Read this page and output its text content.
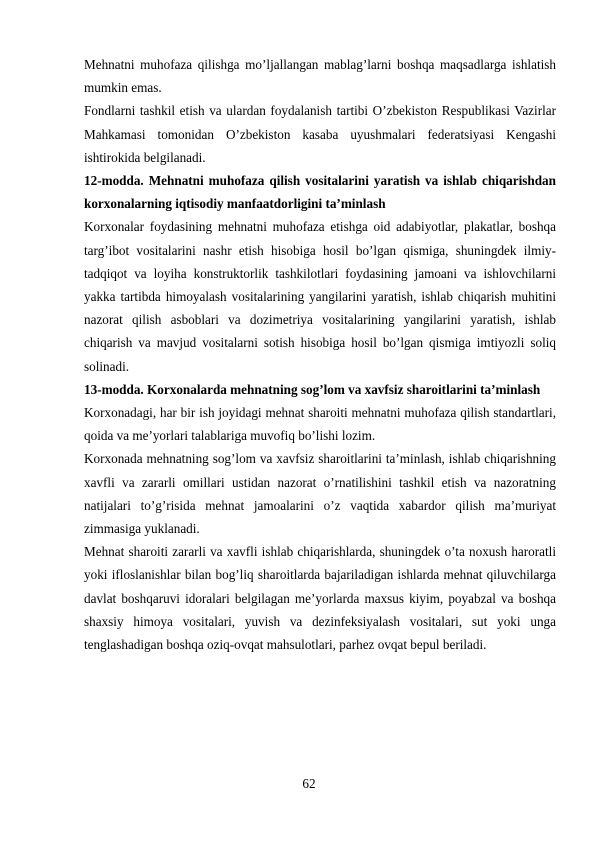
Mehnatni muhofaza qilishga mo’ljallangan mablag’larni boshqa maqsadlarga ishlatish mumkin emas.

Fondlarni tashkil etish va ulardan foydalanish tartibi O’zbekiston Respublikasi Vazirlar Mahkamasi tomonidan O’zbekiston kasaba uyushmalari federatsiyasi Kengashi ishtirokida belgilanadi.

12-modda. Mehnatni muhofaza qilish vositalarini yaratish va ishlab chiqarishdan korxonalarning iqtisodiy manfaatdorligini ta’minlash

Korxonalar foydasining mehnatni muhofaza etishga oid adabiyotlar, plakatlar, boshqa targ’ibot vositalarini nashr etish hisobiga hosil bo’lgan qismiga, shuningdek ilmiy-tadqiqot va loyiha konstruktorlik tashkilotlari foydasining jamoani va ishlovchilarni yakka tartibda himoyalash vositalarining yangilarini yaratish, ishlab chiqarish muhitini nazorat qilish asboblari va dozimetriya vositalarining yangilarini yaratish, ishlab chiqarish va mavjud vositalarni sotish hisobiga hosil bo’lgan qismiga imtiyozli soliq solinadi.

13-modda. Korxonalarda mehnatning sog’lom va xavfsiz sharoitlarini ta’minlash

Korxonadagi, har bir ish joyidagi mehnat sharoiti mehnatni muhofaza qilish standartlari, qoida va me’yorlari talablariga muvofiq bo’lishi lozim.

Korxonada mehnatning sog’lom va xavfsiz sharoitlarini ta’minlash, ishlab chiqarishning xavfli va zararli omillari ustidan nazorat o’rnatilishini tashkil etish va nazoratning natijalari to’g’risida mehnat jamoalarini o’z vaqtida xabardor qilish ma’muriyat zimmasiga yuklanadi.

Mehnat sharoiti zararli va xavfli ishlab chiqarishlarda, shuningdek o’ta noxush haroratli yoki ifloslanishlar bilan bog’liq sharoitlarda bajariladigan ishlarda mehnat qiluvchilarga davlat boshqaruvi idoralari belgilagan me’yorlarda maxsus kiyim, poyabzal va boshqa shaxsiy himoya vositalari, yuvish va dezinfeksiyalash vositalari, sut yoki unga tenglashadigan boshqa oziq-ovqat mahsulotlari, parhez ovqat bepul beriladi.

62
